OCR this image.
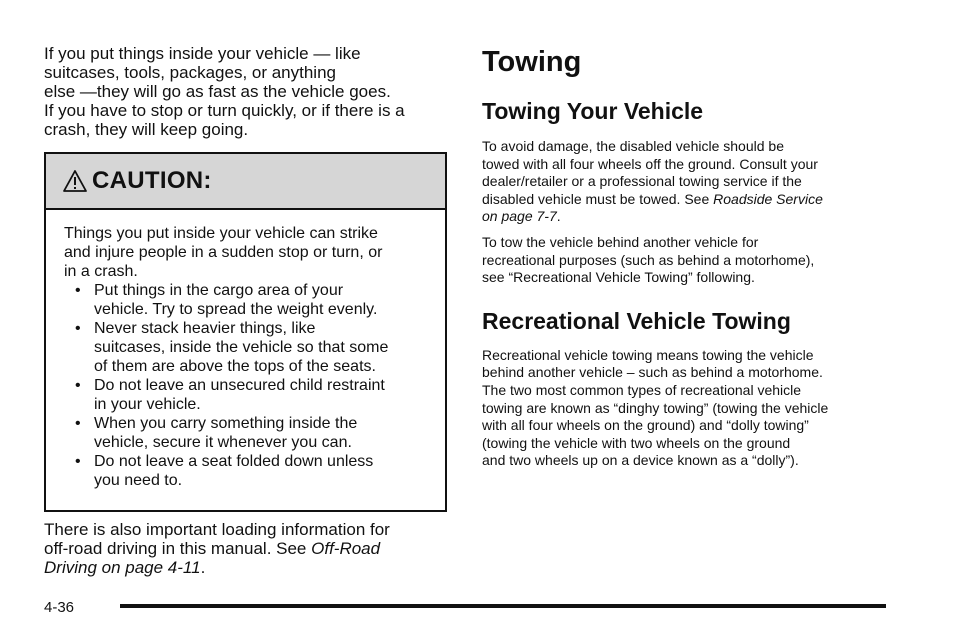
If you put things inside your vehicle — like
suitcases, tools, packages, or anything
else —they will go as fast as the vehicle goes.
If you have to stop or turn quickly, or if there is a
crash, they will keep going.
CAUTION:
Things you put inside your vehicle can strike
and injure people in a sudden stop or turn, or
in a crash.
• Put things in the cargo area of your
vehicle. Try to spread the weight evenly.
• Never stack heavier things, like
suitcases, inside the vehicle so that some
of them are above the tops of the seats.
• Do not leave an unsecured child restraint
in your vehicle.
• When you carry something inside the
vehicle, secure it whenever you can.
• Do not leave a seat folded down unless
you need to.
There is also important loading information for
off-road driving in this manual. See Off-Road
Driving on page 4-11.
Towing
Towing Your Vehicle
To avoid damage, the disabled vehicle should be
towed with all four wheels off the ground. Consult your
dealer/retailer or a professional towing service if the
disabled vehicle must be towed. See Roadside Service
on page 7-7.
To tow the vehicle behind another vehicle for
recreational purposes (such as behind a motorhome),
see “Recreational Vehicle Towing” following.
Recreational Vehicle Towing
Recreational vehicle towing means towing the vehicle
behind another vehicle – such as behind a motorhome.
The two most common types of recreational vehicle
towing are known as “dinghy towing” (towing the vehicle
with all four wheels on the ground) and “dolly towing”
(towing the vehicle with two wheels on the ground
and two wheels up on a device known as a “dolly”).
4-36
